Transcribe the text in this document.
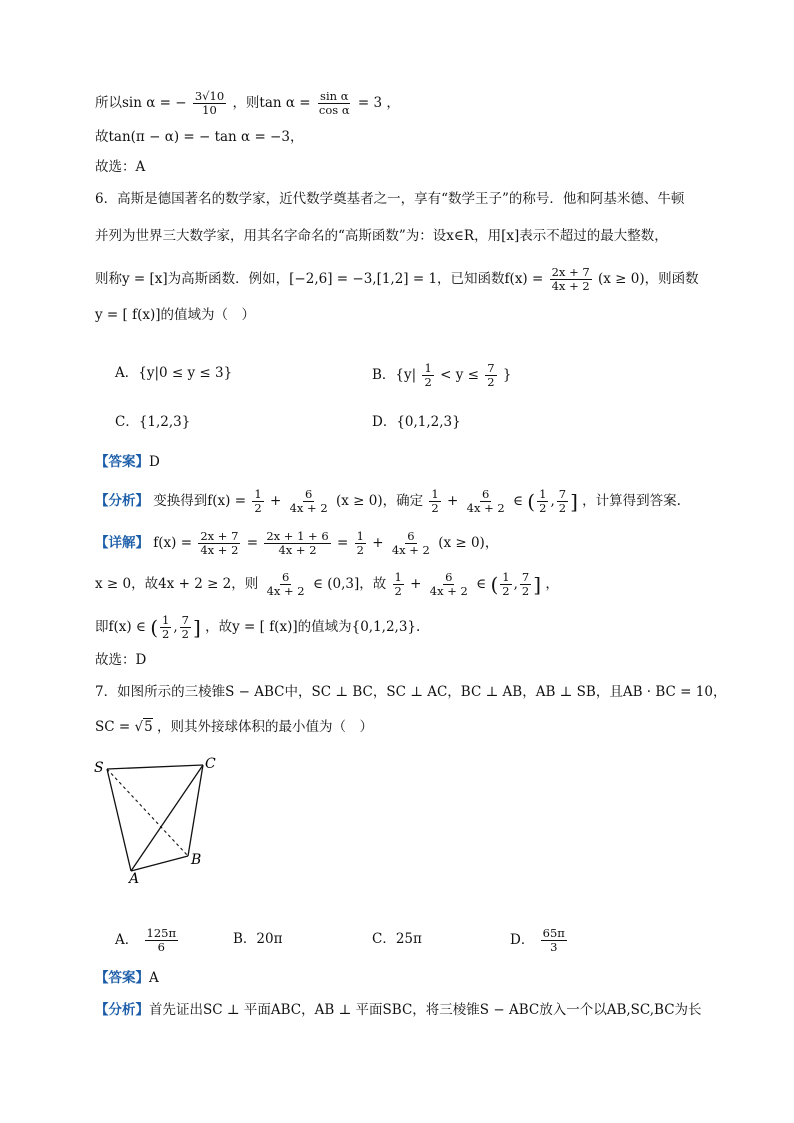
所以sin α = − $\frac{3√10}{10}$ ，则$\tan \alpha = \frac{\text{sin α}}{\text{cos α}} = 3$ ，
故tan(π − α) = − tan α = −3，
故选：A
6．高斯是德国著名的数学家，近代数学奠基者之一，享有“数学王子”的称号．他和阿基米德、牛顿
并列为世界三大数学家，用其名字命名的“高斯函数”为：设x∈R，用[x]表示不超过的最大整数，
则称y = [x]为高斯函数．例如，[−2,6] = −3,[1,2] = 1，已知函数$f(x) = \frac{2x + 7}{4x + 2} (x \ge 0)$，则函数
y = [ f(x)]的值域为（　）
A．{y|0 ≤ y ≤ 3}	B．{$y| \frac{1}{2} < y \le \frac{7}{2}$ }
C．{1,2,3}	D．{0,1,2,3}
【答案】D
【分析】 变换得到$f(x) = \frac{1}{2} + \frac{6}{4x + 2} (x \ge 0)$，确定 $\frac{1}{2} + \frac{6}{4x + 2}$ ∈ ( $\frac{1}{2}$ , $\frac{7}{2}$ ] ，计算得到答案.
【详解】 $f(x) = \frac{2x + 7}{4x + 2} = \frac{2x + 1 + 6}{4x + 2} = \frac{1}{2} + \frac{6}{4x + 2} (x \ge 0)$，
x ≥ 0，故4x + 2 ≥ 2，则 $\frac{6}{4x + 2}$ ∈ (0,3]，故 $\frac{1}{2} + \frac{6}{4x + 2}$ ∈ ( $\frac{1}{2}$ , $\frac{7}{2}$ ] ，
即f(x) ∈ ( $\frac{1}{2}$ , $\frac{7}{2}$ ] ，故y = [ f(x)]的值域为{0,1,2,3}.
故选：D
7．如图所示的三棱锥S − ABC中，SC ⊥ BC，SC ⊥ AC，BC ⊥ AB，AB ⊥ SB，且AB · BC = 10，
SC = √5 ，则其外接球体积的最小值为（　）
S	C
B
A
A． $\frac{125\pi}{6}$	B．20π	C．25π	D． $\frac{65\pi}{3}$
【答案】A
【分析】首先证出SC ⊥ 平面ABC，AB ⊥ 平面SBC，将三棱锥S − ABC放入一个以AB,SC,BC为长
